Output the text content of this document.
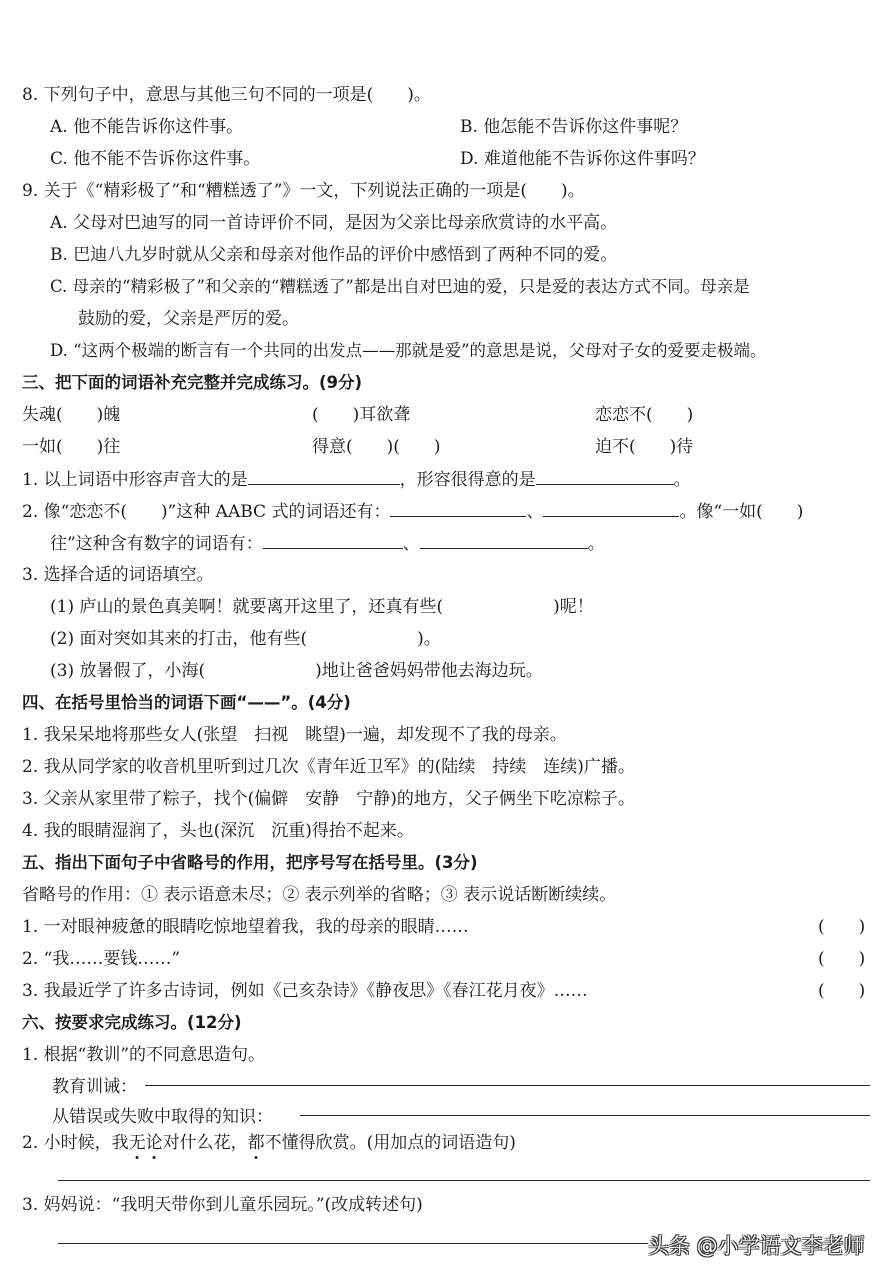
8. 下列句子中，意思与其他三句不同的一项是(　　)。
A. 他不能告诉你这件事。	B. 他怎能不告诉你这件事呢？
C. 他不能不告诉你这件事。	D. 难道他能不告诉你这件事吗？
9. 关于《“精彩极了”和“糟糕透了”》一文，下列说法正确的一项是(　　)。
A. 父母对巴迪写的同一首诗评价不同，是因为父亲比母亲欣赏诗的水平高。
B. 巴迪八九岁时就从父亲和母亲对他作品的评价中感悟到了两种不同的爱。
C. 母亲的“精彩极了”和父亲的“糟糕透了”都是出自对巴迪的爱，只是爱的表达方式不同。母亲是
鼓励的爱，父亲是严厉的爱。
D. “这两个极端的断言有一个共同的出发点——那就是爱”的意思是说，父母对子女的爱要走极端。
三、把下面的词语补充完整并完成练习。(9分)
失魂(　　)魄	(　　)耳欲聋	恋恋不(　　)
一如(　　)往	得意(　　)(　　)	迫不(　　)待
1. 以上词语中形容声音大的是	，形容很得意的是	。
2. 像“恋恋不(　　)”这种 AABC 式的词语还有：	、	。像“一如(　　)
往”这种含有数字的词语有：	、	。
3. 选择合适的词语填空。
(1) 庐山的景色真美啊！就要离开这里了，还真有些(	)呢！
(2) 面对突如其来的打击，他有些(	)。
(3) 放暑假了，小海(	)地让爸爸妈妈带他去海边玩。
四、在括号里恰当的词语下画“——”。(4分)
1. 我呆呆地将那些女人(张望　扫视　眺望)一遍，却发现不了我的母亲。
2. 我从同学家的收音机里听到过几次《青年近卫军》的(陆续　持续　连续)广播。
3. 父亲从家里带了粽子，找个(偏僻　安静　宁静)的地方，父子俩坐下吃凉粽子。
4. 我的眼睛湿润了，头也(深沉　沉重)得抬不起来。
五、指出下面句子中省略号的作用，把序号写在括号里。(3分)
省略号的作用：① 表示语意未尽；② 表示列举的省略；③ 表示说话断断续续。
1. 一对眼神疲惫的眼睛吃惊地望着我，我的母亲的眼睛……	(　　)
2. “我……要钱……”	(　　)
3. 我最近学了许多古诗词，例如《己亥杂诗》《静夜思》《春江花月夜》……	(　　)
六、按要求完成练习。(12分)
1. 根据“教训”的不同意思造句。
教育训诫：
从错误或失败中取得的知识：
2. 小时候，我无论对什么花，都不懂得欣赏。(用加点的词语造句)
3. 妈妈说：“我明天带你到儿童乐园玩。”(改成转述句)
头条 @小学语文李老师
